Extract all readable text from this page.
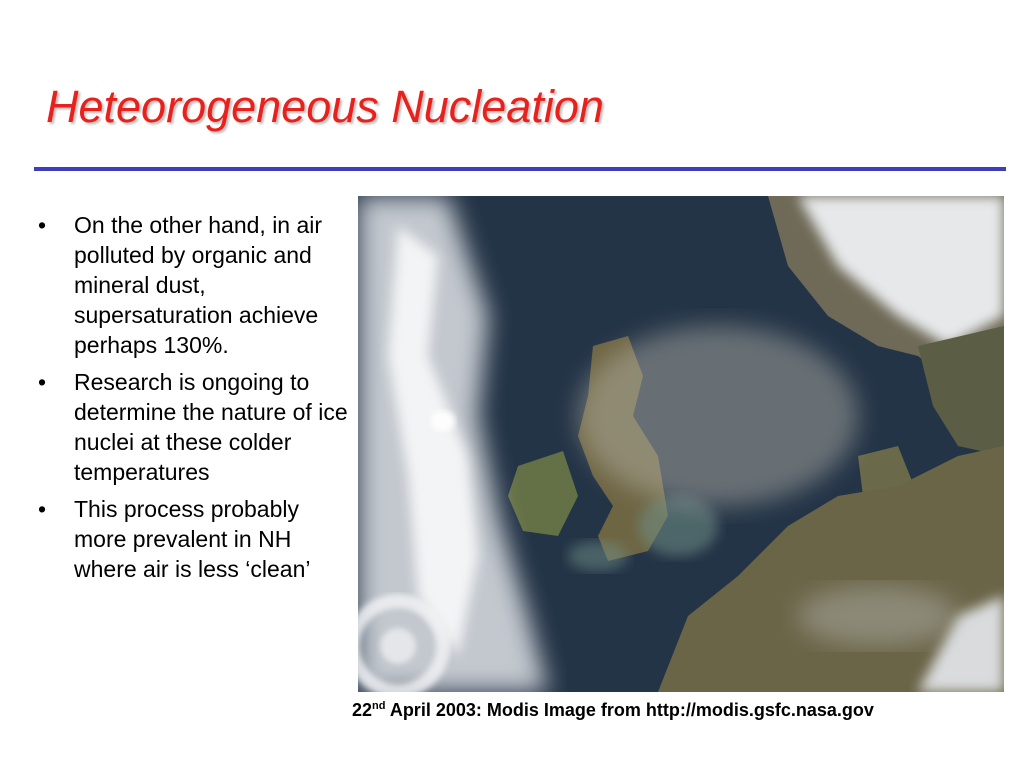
Heteorogeneous Nucleation
• On the other hand, in air polluted by organic and mineral dust, supersaturation achieve perhaps 130%.
• Research is ongoing to determine the nature of ice nuclei at these colder temperatures
• This process probably more prevalent in NH where air is less ‘clean’
22nd April 2003: Modis Image from http://modis.gsfc.nasa.gov
